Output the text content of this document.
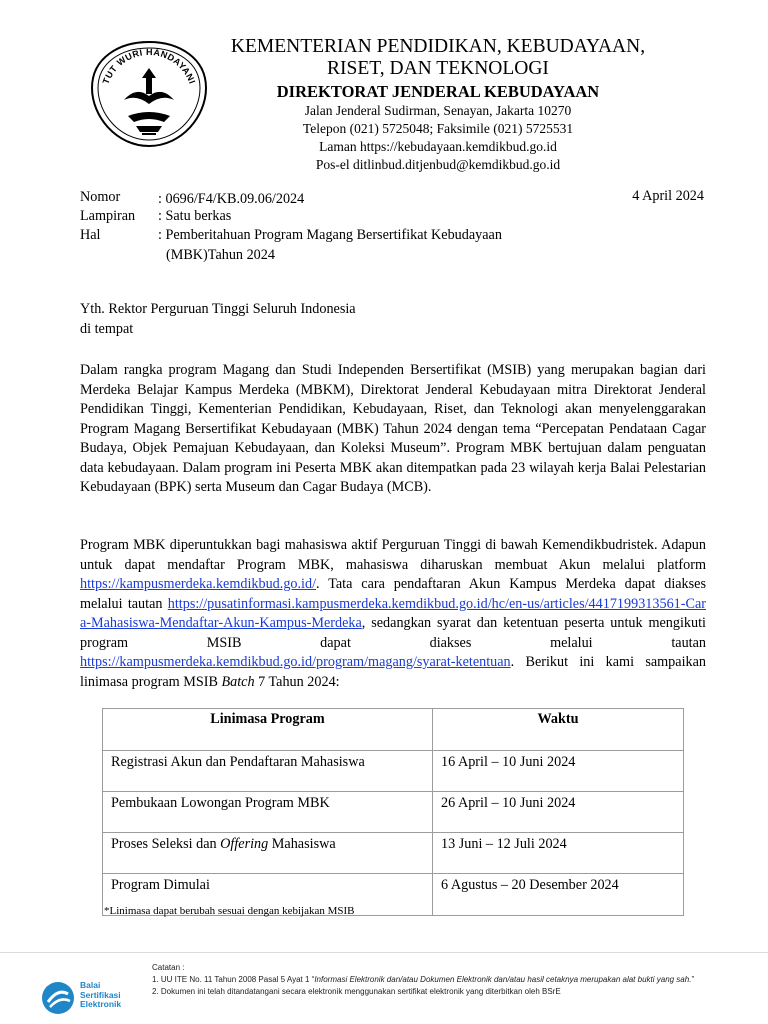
TUT WURI HANDAYANI
KEMENTERIAN PENDIDIKAN, KEBUDAYAAN,
RISET, DAN TEKNOLOGI
DIREKTORAT JENDERAL KEBUDAYAAN
Jalan Jenderal Sudirman, Senayan, Jakarta 10270
Telepon (021) 5725048; Faksimile (021) 5725531
Laman https://kebudayaan.kemdikbud.go.id
Pos-el ditlinbud.ditjenbud@kemdikbud.go.id
Nomor	: 0696/F4/KB.09.06/2024
Lampiran : Satu berkas
Hal	: Pemberitahuan Program Magang Bersertifikat Kebudayaan
(MBK)Tahun 2024
4 April 2024
Yth. Rektor Perguruan Tinggi Seluruh Indonesia
di tempat

Dalam rangka program Magang dan Studi Independen Bersertifikat (MSIB) yang merupakan bagian dari Merdeka Belajar Kampus Merdeka (MBKM), Direktorat Jenderal Kebudayaan mitra Direktorat Jenderal Pendidikan Tinggi, Kementerian Pendidikan, Kebudayaan, Riset, dan Teknologi akan menyelenggarakan Program Magang Bersertifikat Kebudayaan (MBK) Tahun 2024 dengan tema “Percepatan Pendataan Cagar Budaya, Objek Pemajuan Kebudayaan, dan Koleksi Museum”. Program MBK bertujuan dalam penguatan data kebudayaan. Dalam program ini Peserta MBK akan ditempatkan pada 23 wilayah kerja Balai Pelestarian Kebudayaan (BPK) serta Museum dan Cagar Budaya (MCB).

Program MBK diperuntukkan bagi mahasiswa aktif Perguruan Tinggi di bawah Kemendikbudristek. Adapun untuk dapat mendaftar Program MBK, mahasiswa diharuskan membuat Akun melalui platform https://kampusmerdeka.kemdikbud.go.id/. Tata cara pendaftaran Akun Kampus Merdeka dapat diakses melalui tautan https://pusatinformasi.kampusmerdeka.kemdikbud.go.id/hc/en-us/articles/4417199313561-Cara-Mahasiswa-Mendaftar-Akun-Kampus-Merdeka, sedangkan syarat dan ketentuan peserta untuk mengikuti program MSIB dapat diakses melalui tautan https://kampusmerdeka.kemdikbud.go.id/program/magang/syarat-ketentuan. Berikut ini kami sampaikan linimasa program MSIB Batch 7 Tahun 2024:

Linimasa Program	Waktu
Registrasi Akun dan Pendaftaran Mahasiswa	16 April – 10 Juni 2024
Pembukaan Lowongan Program MBK	26 April – 10 Juni 2024
Proses Seleksi dan Offering Mahasiswa	13 Juni – 12 Juli 2024
Program Dimulai	6 Agustus – 20 Desember 2024
*Linimasa dapat berubah sesuai dengan kebijakan MSIB
Balai
Sertifikasi
Elektronik
Catatan :
1. UU ITE No. 11 Tahun 2008 Pasal 5 Ayat 1 “Informasi Elektronik dan/atau Dokumen Elektronik dan/atau hasil cetaknya merupakan alat bukti yang sah.”
2. Dokumen ini telah ditandatangani secara elektronik menggunakan sertifikat elektronik yang diterbitkan oleh BSrE
